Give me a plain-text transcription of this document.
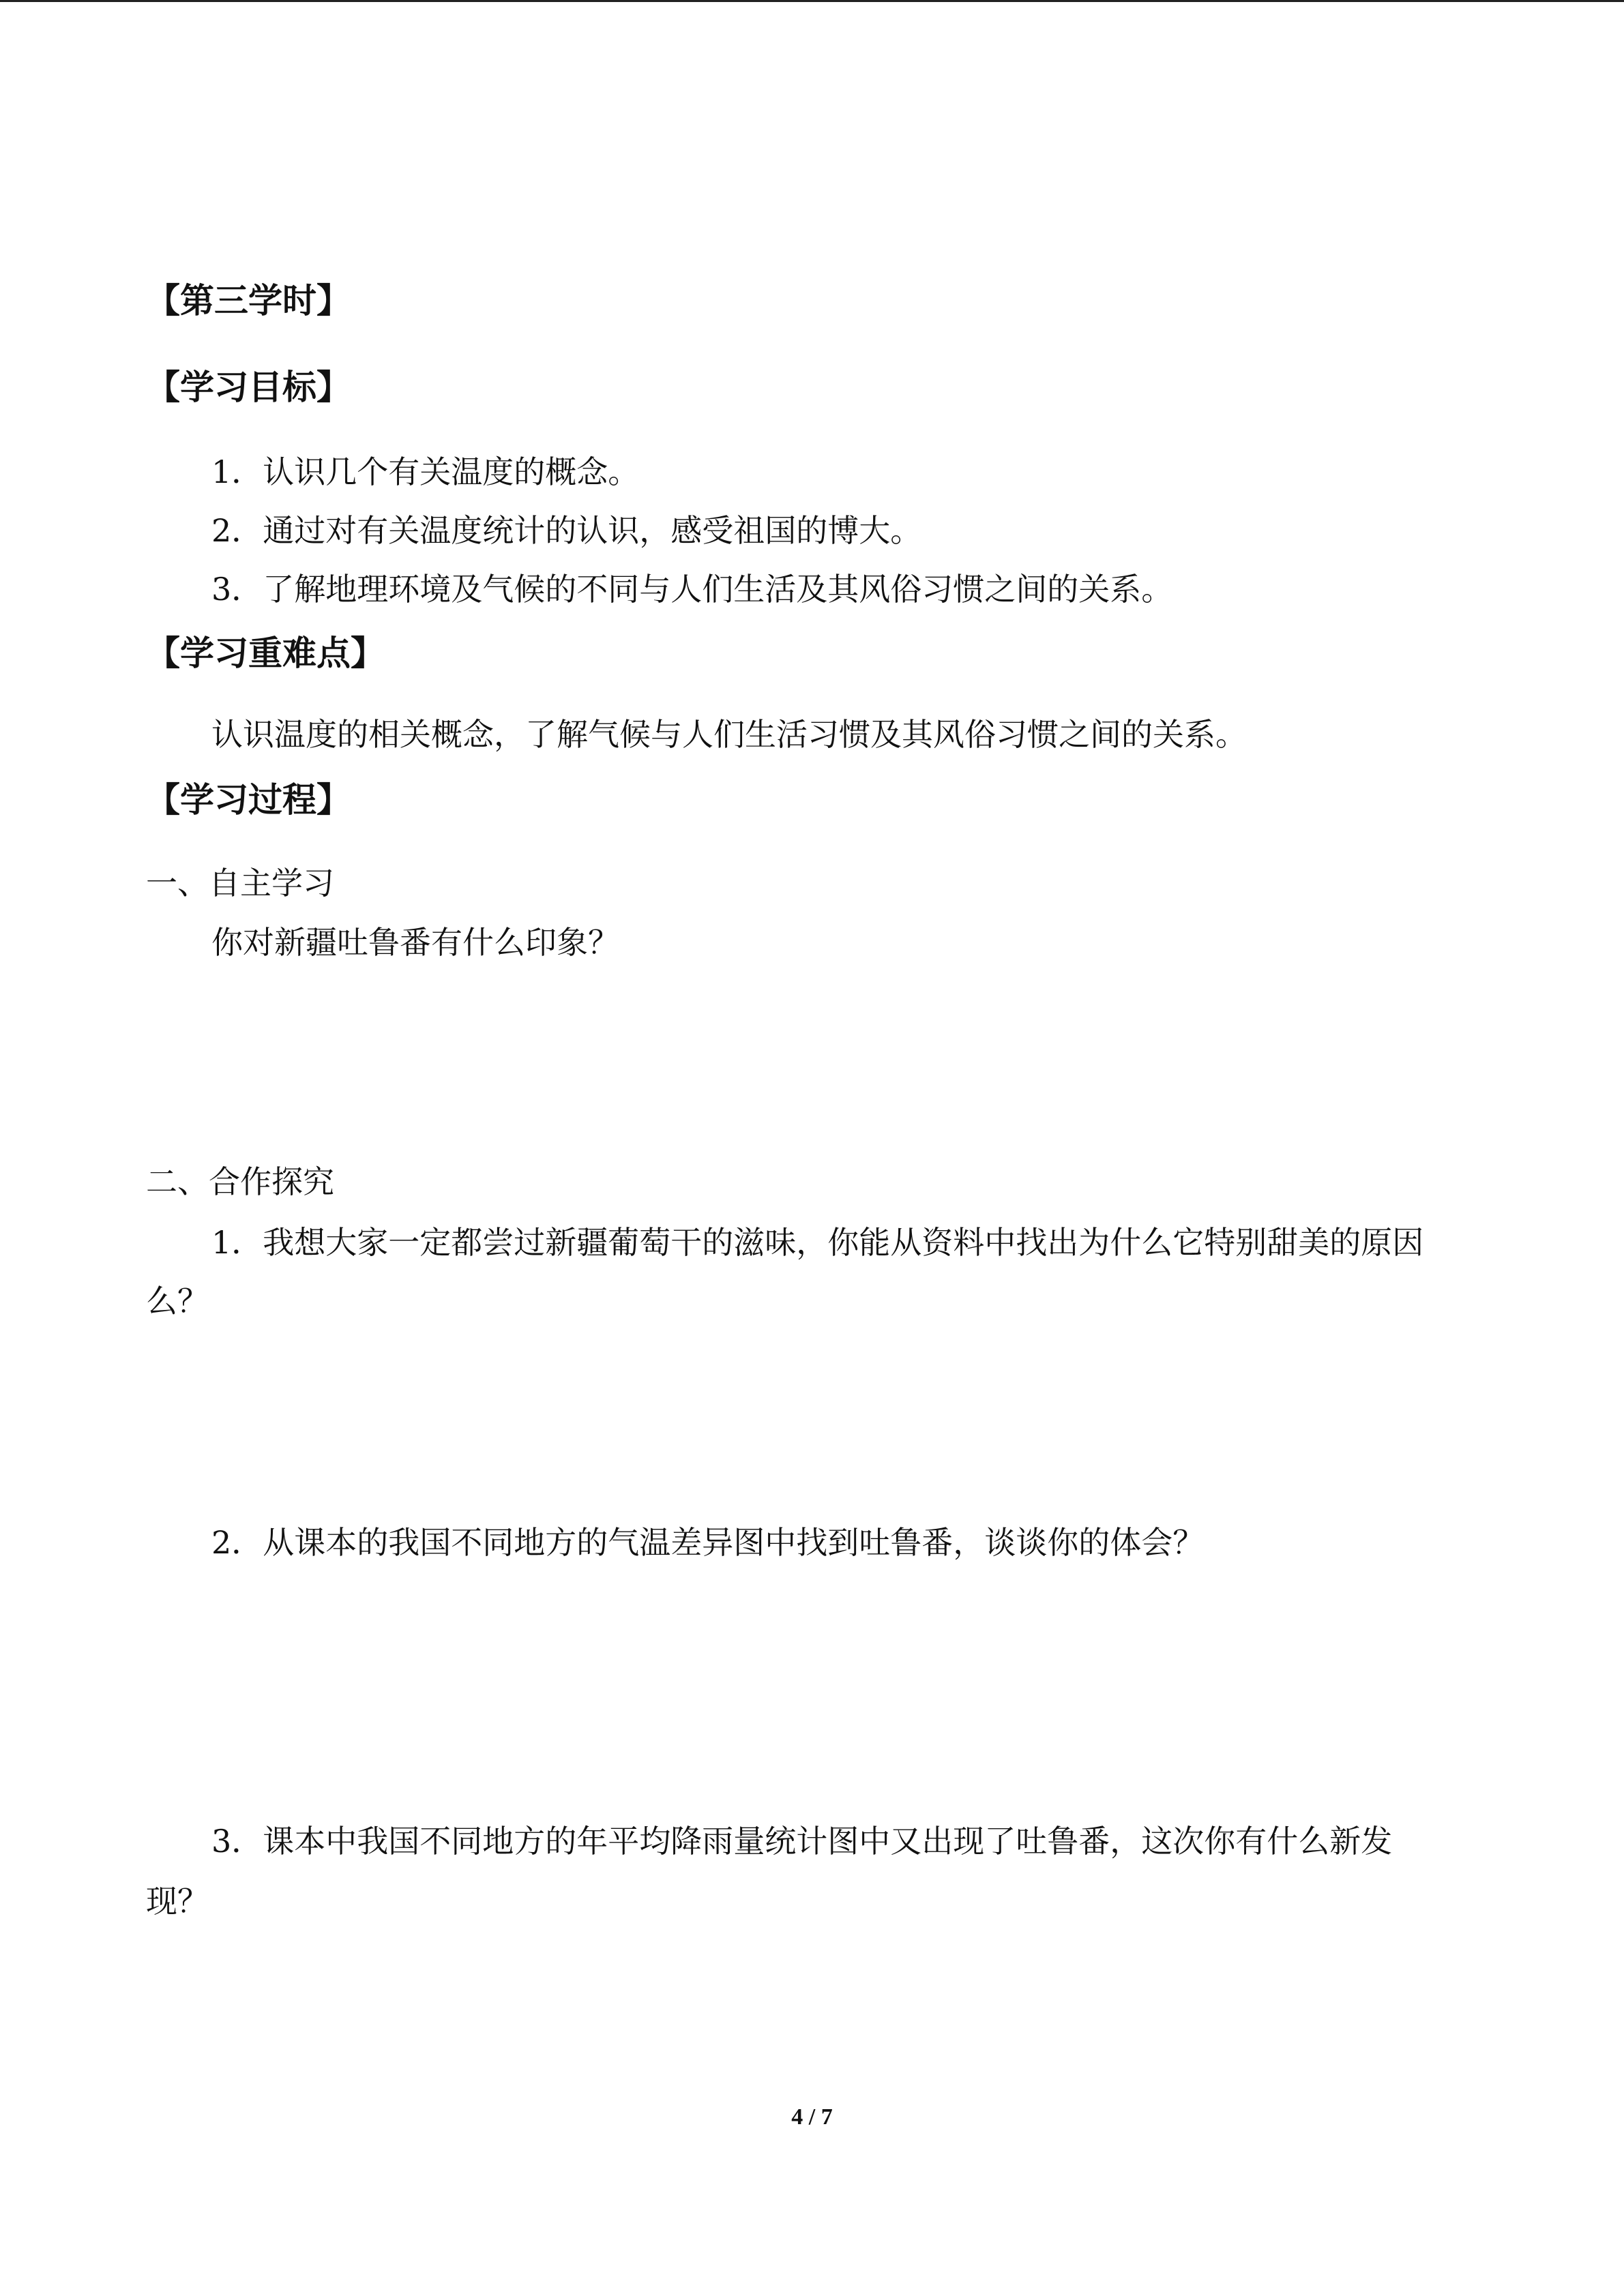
【第三学时】
【学习目标】
1．认识几个有关温度的概念。
2．通过对有关温度统计的认识，感受祖国的博大。
3．了解地理环境及气候的不同与人们生活及其风俗习惯之间的关系。
【学习重难点】
认识温度的相关概念，了解气候与人们生活习惯及其风俗习惯之间的关系。
【学习过程】
一、自主学习
你对新疆吐鲁番有什么印象？
二、合作探究
1．我想大家一定都尝过新疆葡萄干的滋味，你能从资料中找出为什么它特别甜美的原因
么？
2．从课本的我国不同地方的气温差异图中找到吐鲁番，谈谈你的体会？
3．课本中我国不同地方的年平均降雨量统计图中又出现了吐鲁番，这次你有什么新发
现？
4 / 7
